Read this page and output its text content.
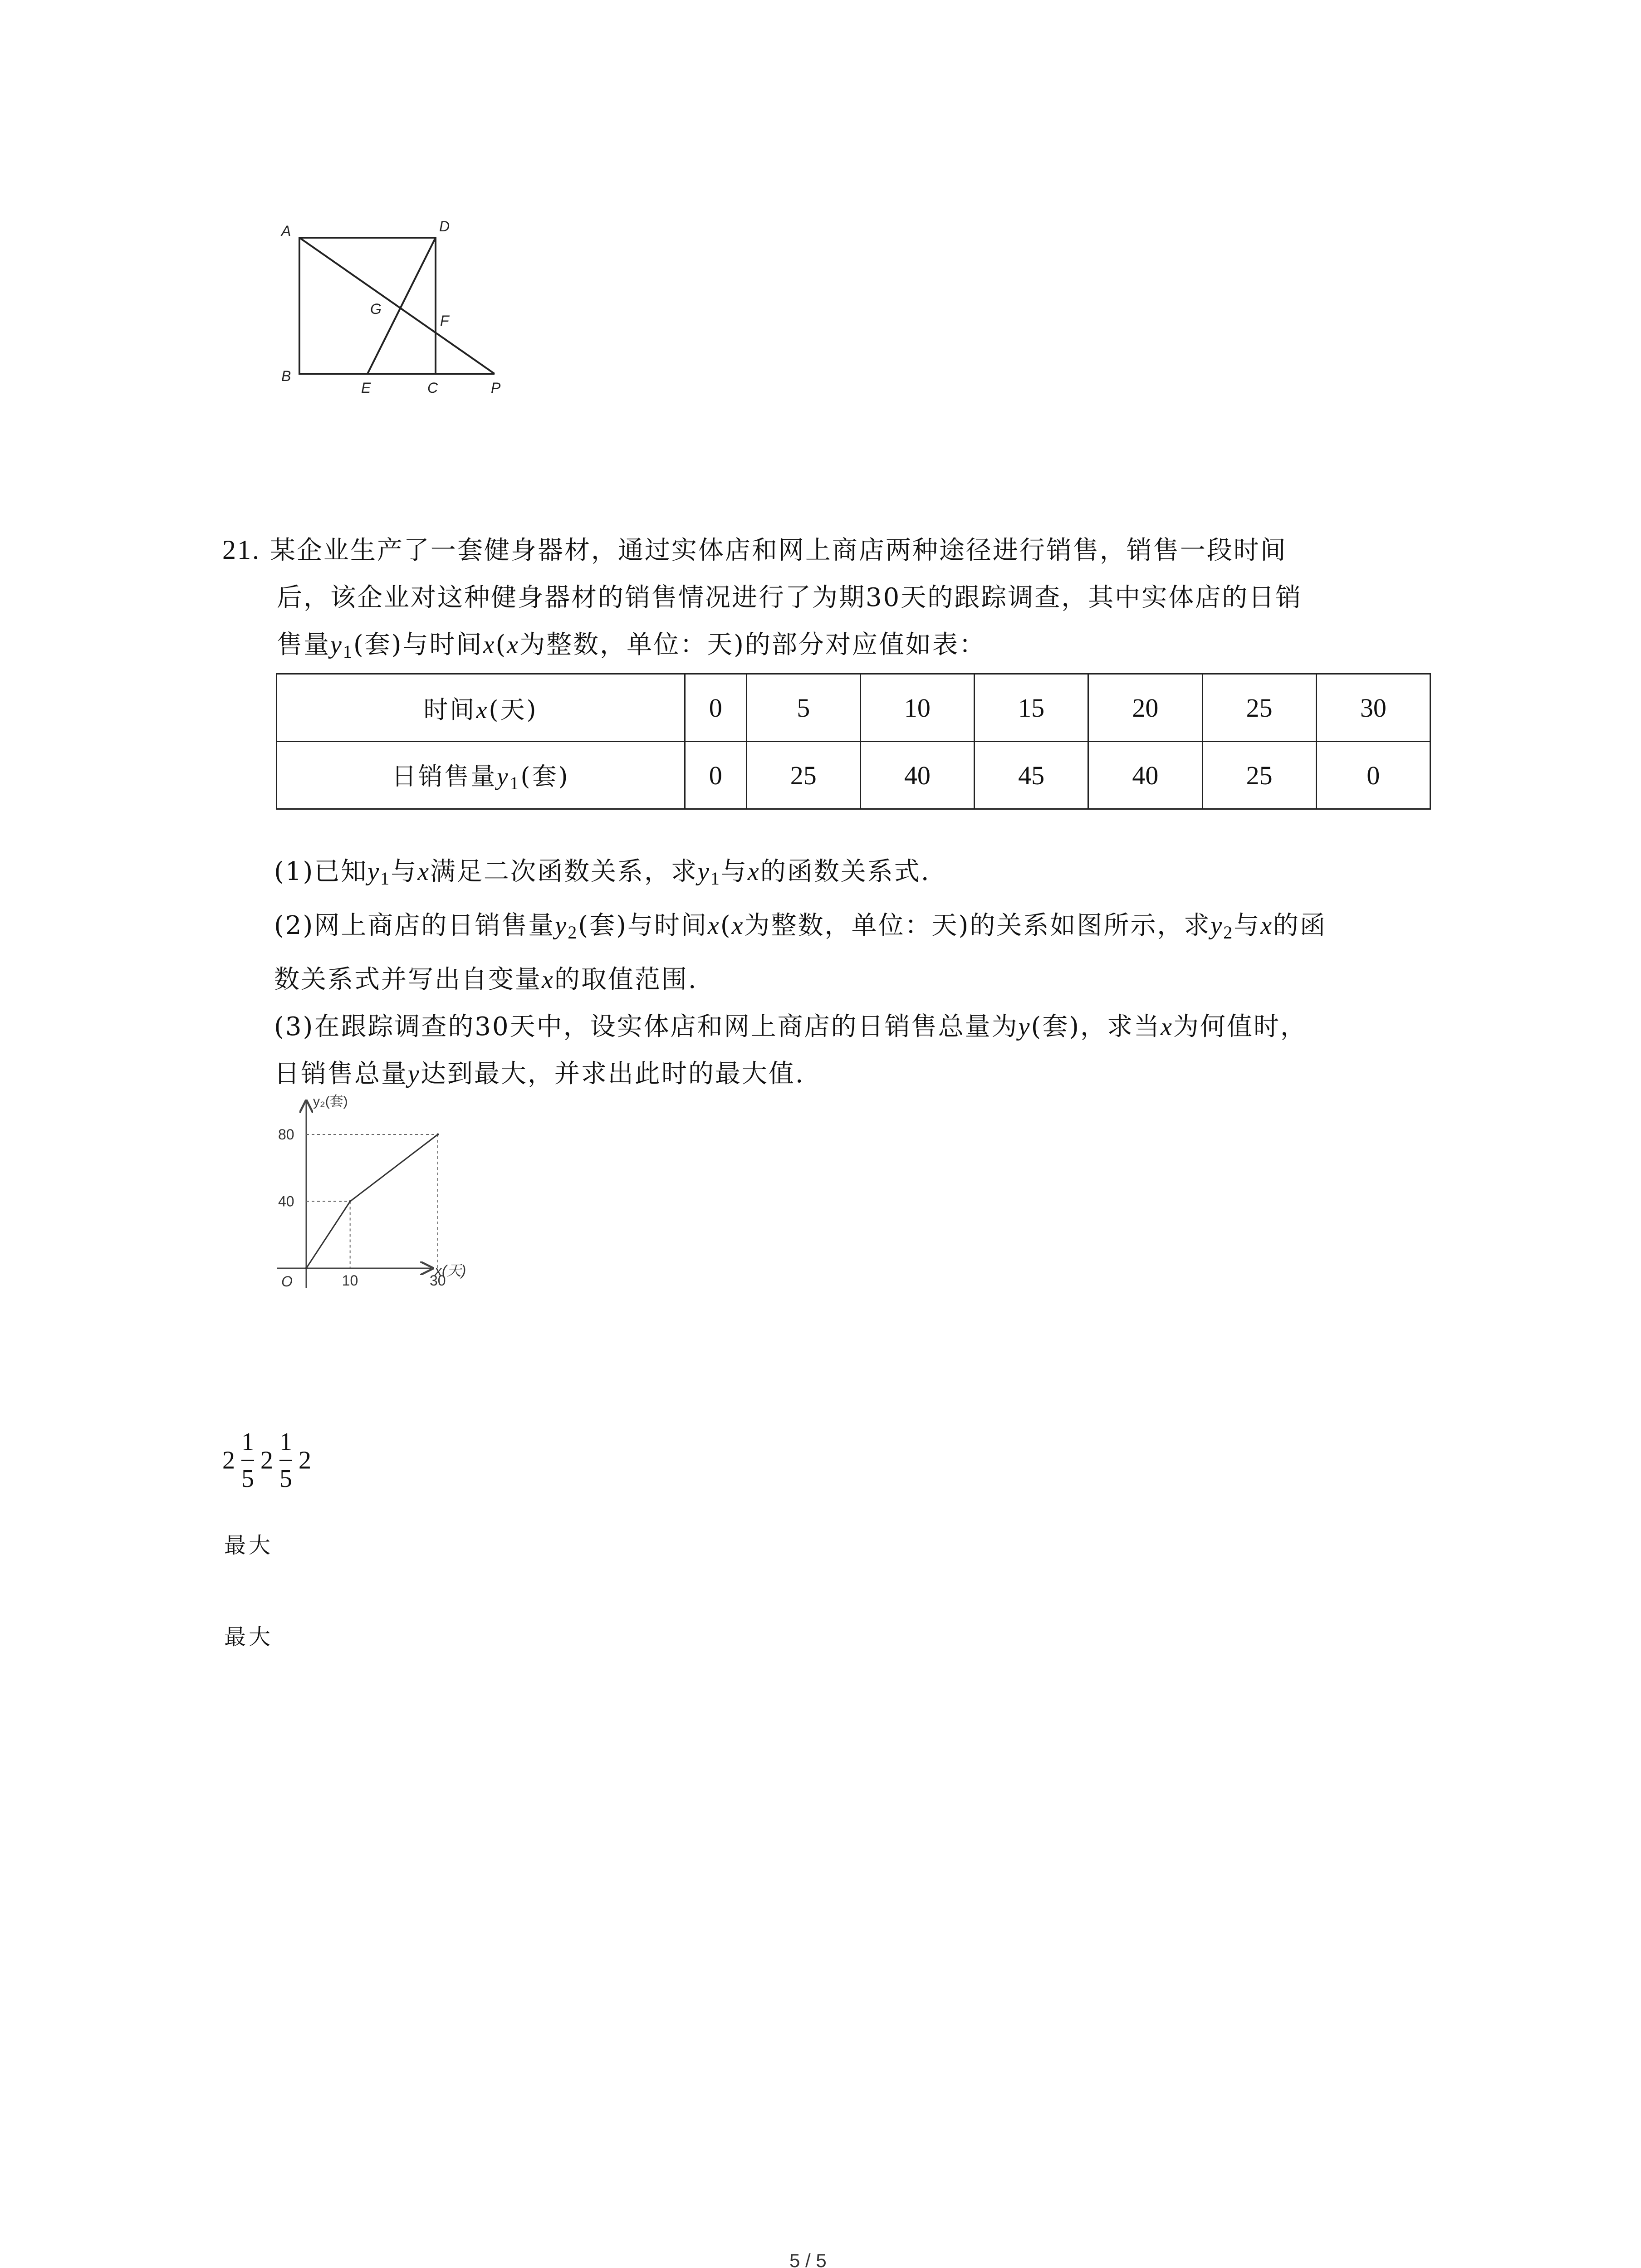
A	D
B
E	C	P
G
F
21. 某企业生产了一套健身器材，通过实体店和网上商店两种途径进行销售，销售一段时间
后，该企业对这种健身器材的销售情况进行了为期30天的跟踪调查，其中实体店的日销
售量$y_1$(套)与时间x(x为整数，单位：天)的部分对应值如表：
时间x(天)	0	5	10	15	20	25	30
日销售量$y_1$(套)	0	25	40	45	40	25	0
(1)已知$y_1$与x满足二次函数关系，求$y_1$与x的函数关系式.
(2)网上商店的日销售量$y_2$(套)与时间x(x为整数，单位：天)的关系如图所示，求$y_2$与x的函
数关系式并写出自变量x的取值范围.
(3)在跟踪调查的30天中，设实体店和网上商店的日销售总量为y(套)，求当x为何值时，
日销售总量y达到最大，并求出此时的最大值.
10	30
40
80
y₂(套)
x(天)
O
$2 \frac{1}{5} 2 \frac{1}{5} 2$
最大
最大
5 / 5
